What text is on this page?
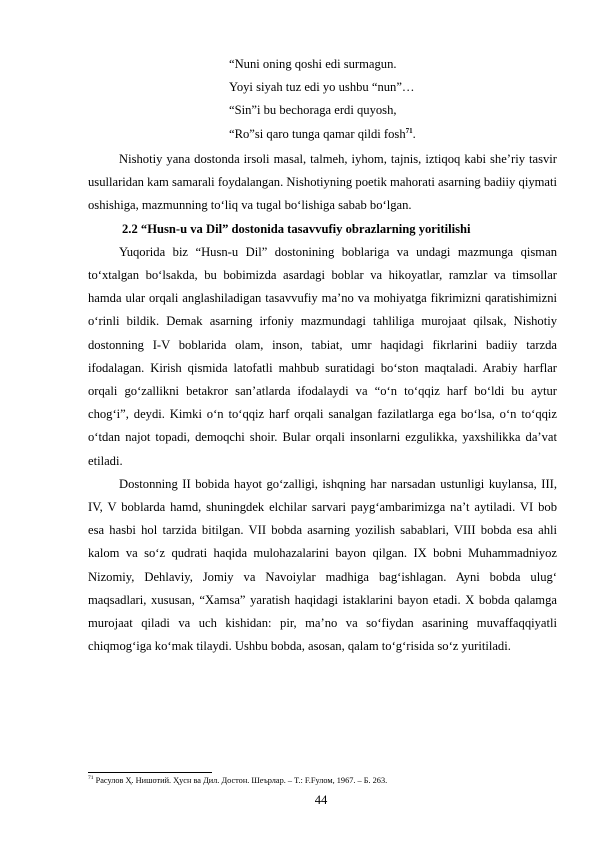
“Nuni oning qoshi edi surmagun.
Yoyi siyah tuz edi yo ushbu “nun”…
“Sin”i bu bechoraga erdi quyosh,
“Ro”si qaro tunga qamar qildi fosh$^{71}$.

Nishotiy yana dostonda irsoli masal, talmeh, iyhom, tajnis, iztiqoq kabi she’riy tasvir usullaridan kam samarali foydalangan. Nishotiyning poetik mahorati asarning badiiy qiymati oshishiga, mazmunning to‘liq va tugal bo‘lishiga sabab bo‘lgan.

2.2 “Husn-u va Dil” dostonida tasavvufiy obrazlarning yoritilishi

Yuqorida biz “Husn-u Dil” dostonining boblariga va undagi mazmunga qisman to‘xtalgan bo‘lsakda, bu bobimizda asardagi boblar va hikoyatlar, ramzlar va timsollar hamda ular orqali anglashiladigan tasavvufiy ma’no va mohiyatga fikrimizni qaratishimizni o‘rinli bildik. Demak asarning irfoniy mazmundagi tahliliga murojaat qilsak, Nishotiy dostonning I-V boblarida olam, inson, tabiat, umr haqidagi fikrlarini badiiy tarzda ifodalagan. Kirish qismida latofatli mahbub suratidagi bo‘ston maqtaladi. Arabiy harflar orqali go‘zallikni betakror san’atlarda ifodalaydi va “o‘n to‘qqiz harf bo‘ldi bu aytur chog‘i”, deydi. Kimki o‘n to‘qqiz harf orqali sanalgan fazilatlarga ega bo‘lsa, o‘n to‘qqiz o‘tdan najot topadi, demoqchi shoir. Bular orqali insonlarni ezgulikka, yaxshilikka da’vat etiladi.

Dostonning II bobida hayot go‘zalligi, ishqning har narsadan ustunligi kuylansa, III, IV, V boblarda hamd, shuningdek elchilar sarvari payg‘ambarimizga na’t aytiladi. VI bob esa hasbi hol tarzida bitilgan. VII bobda asarning yozilish sabablari, VIII bobda esa ahli kalom va so‘z qudrati haqida mulohazalarini bayon qilgan. IX bobni Muhammadniyoz Nizomiy, Dehlaviy, Jomiy va Navoiylar madhiga bag‘ishlagan. Ayni bobda ulug‘ maqsadlari, xususan, “Xamsa” yaratish haqidagi istaklarini bayon etadi. X bobda qalamga murojaat qiladi va uch kishidan: pir, ma’no va so‘fiydan asarining muvaffaqqiyatli chiqmog‘iga ko‘mak tilaydi. Ushbu bobda, asosan, qalam to‘g‘risida so‘z yuritiladi.

$^{71}$ Расулов Ҳ. Нишотий. Ҳусн ва Дил. Достон. Шеърлар. – Т.: F.Fулом, 1967. – Б. 263.
44
